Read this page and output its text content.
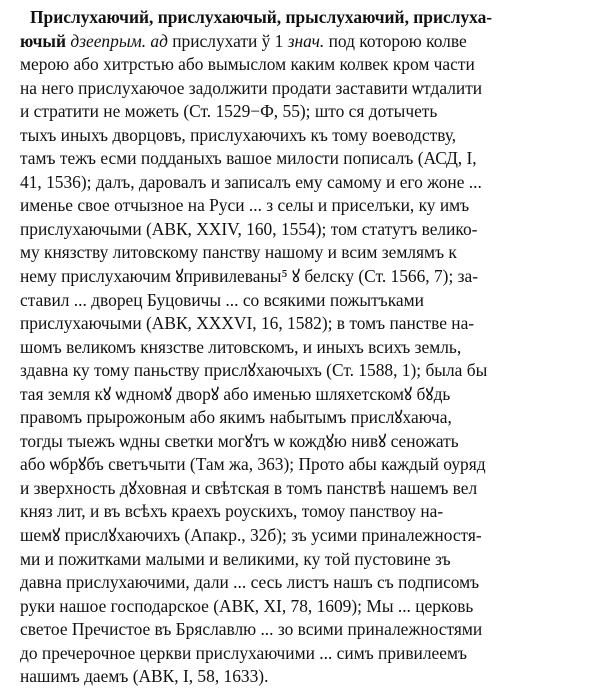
Прислухаючий, прислухаючый, прыслухаючий, прислуха-
ючый дзеепрым. ад прислухати ў 1 знач. под которою колве
мерою або хитрстью або вымыслом каким колвек кром части
на него прислухаючое задолжити продати заставити ѡтдалити
и стратити не можеть (Ст. 1529−Ф, 55); што ся дотычеть
тыхъ иныхъ дворцовъ, прислухаючихъ къ тому воеводству,
тамъ тежъ есми подданыхъ вашое милости пописалъ (АСД, I,
41, 1536); далъ, даровалъ и записалъ ему самому и его жоне ...
именье свое отчызное на Руси ... з селы и приселъки, ку имъ
прислухаючыми (АВК, XXIV, 160, 1554); том статутъ велико-
му князству литовскому панству нашому и всим землямъ к
нему прислухаючим ꙋпривилеваны⁵ ꙋ белску (Ст. 1566, 7); за-
ставил ... дворец Буцовичы ... со всякими пожытъками
прислухаючыми (АВК, XXXVI, 16, 1582); в томъ панстве на-
шомъ великомъ князстве литовскомъ, и иныхъ всихъ земль,
здавна ку тому паньству прислꙋхаючыхъ (Ст. 1588, 1); была бы
тая земля кꙋ ѡдномꙋ дворꙋ або именью шляхетскомꙋ бꙋдь
правомъ прырожоным або якимъ набытымъ прислꙋхаюча,
тогды тыежъ ѡдны светки могꙋтъ ѡ кождꙋю нивꙋ сеножать
або ѡбрꙋбъ светъчыти (Там жа, 363); Прото абы каждый оуряд
и зверхность дꙋховная и свѣтская в томъ панствѣ нашемъ вел
княз лит, и въ всѣхъ краехъ роускихъ, томоу панствоу на-
шемꙋ прислꙋхаючихъ (Апакр., 32б); зъ усими приналежностя-
ми и пожитками малыми и великими, ку той пустовине зъ
давна прислухаючими, дали ... сесь листъ нашъ съ подписомъ
руки нашое господарское (АВК, XI, 78, 1609); Мы ... церковь
светое Пречистое въ Бряславлю ... зо всими приналежностями
до пречерочное церкви прислухаючими ... симъ привилеемъ
нашимъ даемъ (АВК, I, 58, 1633).
